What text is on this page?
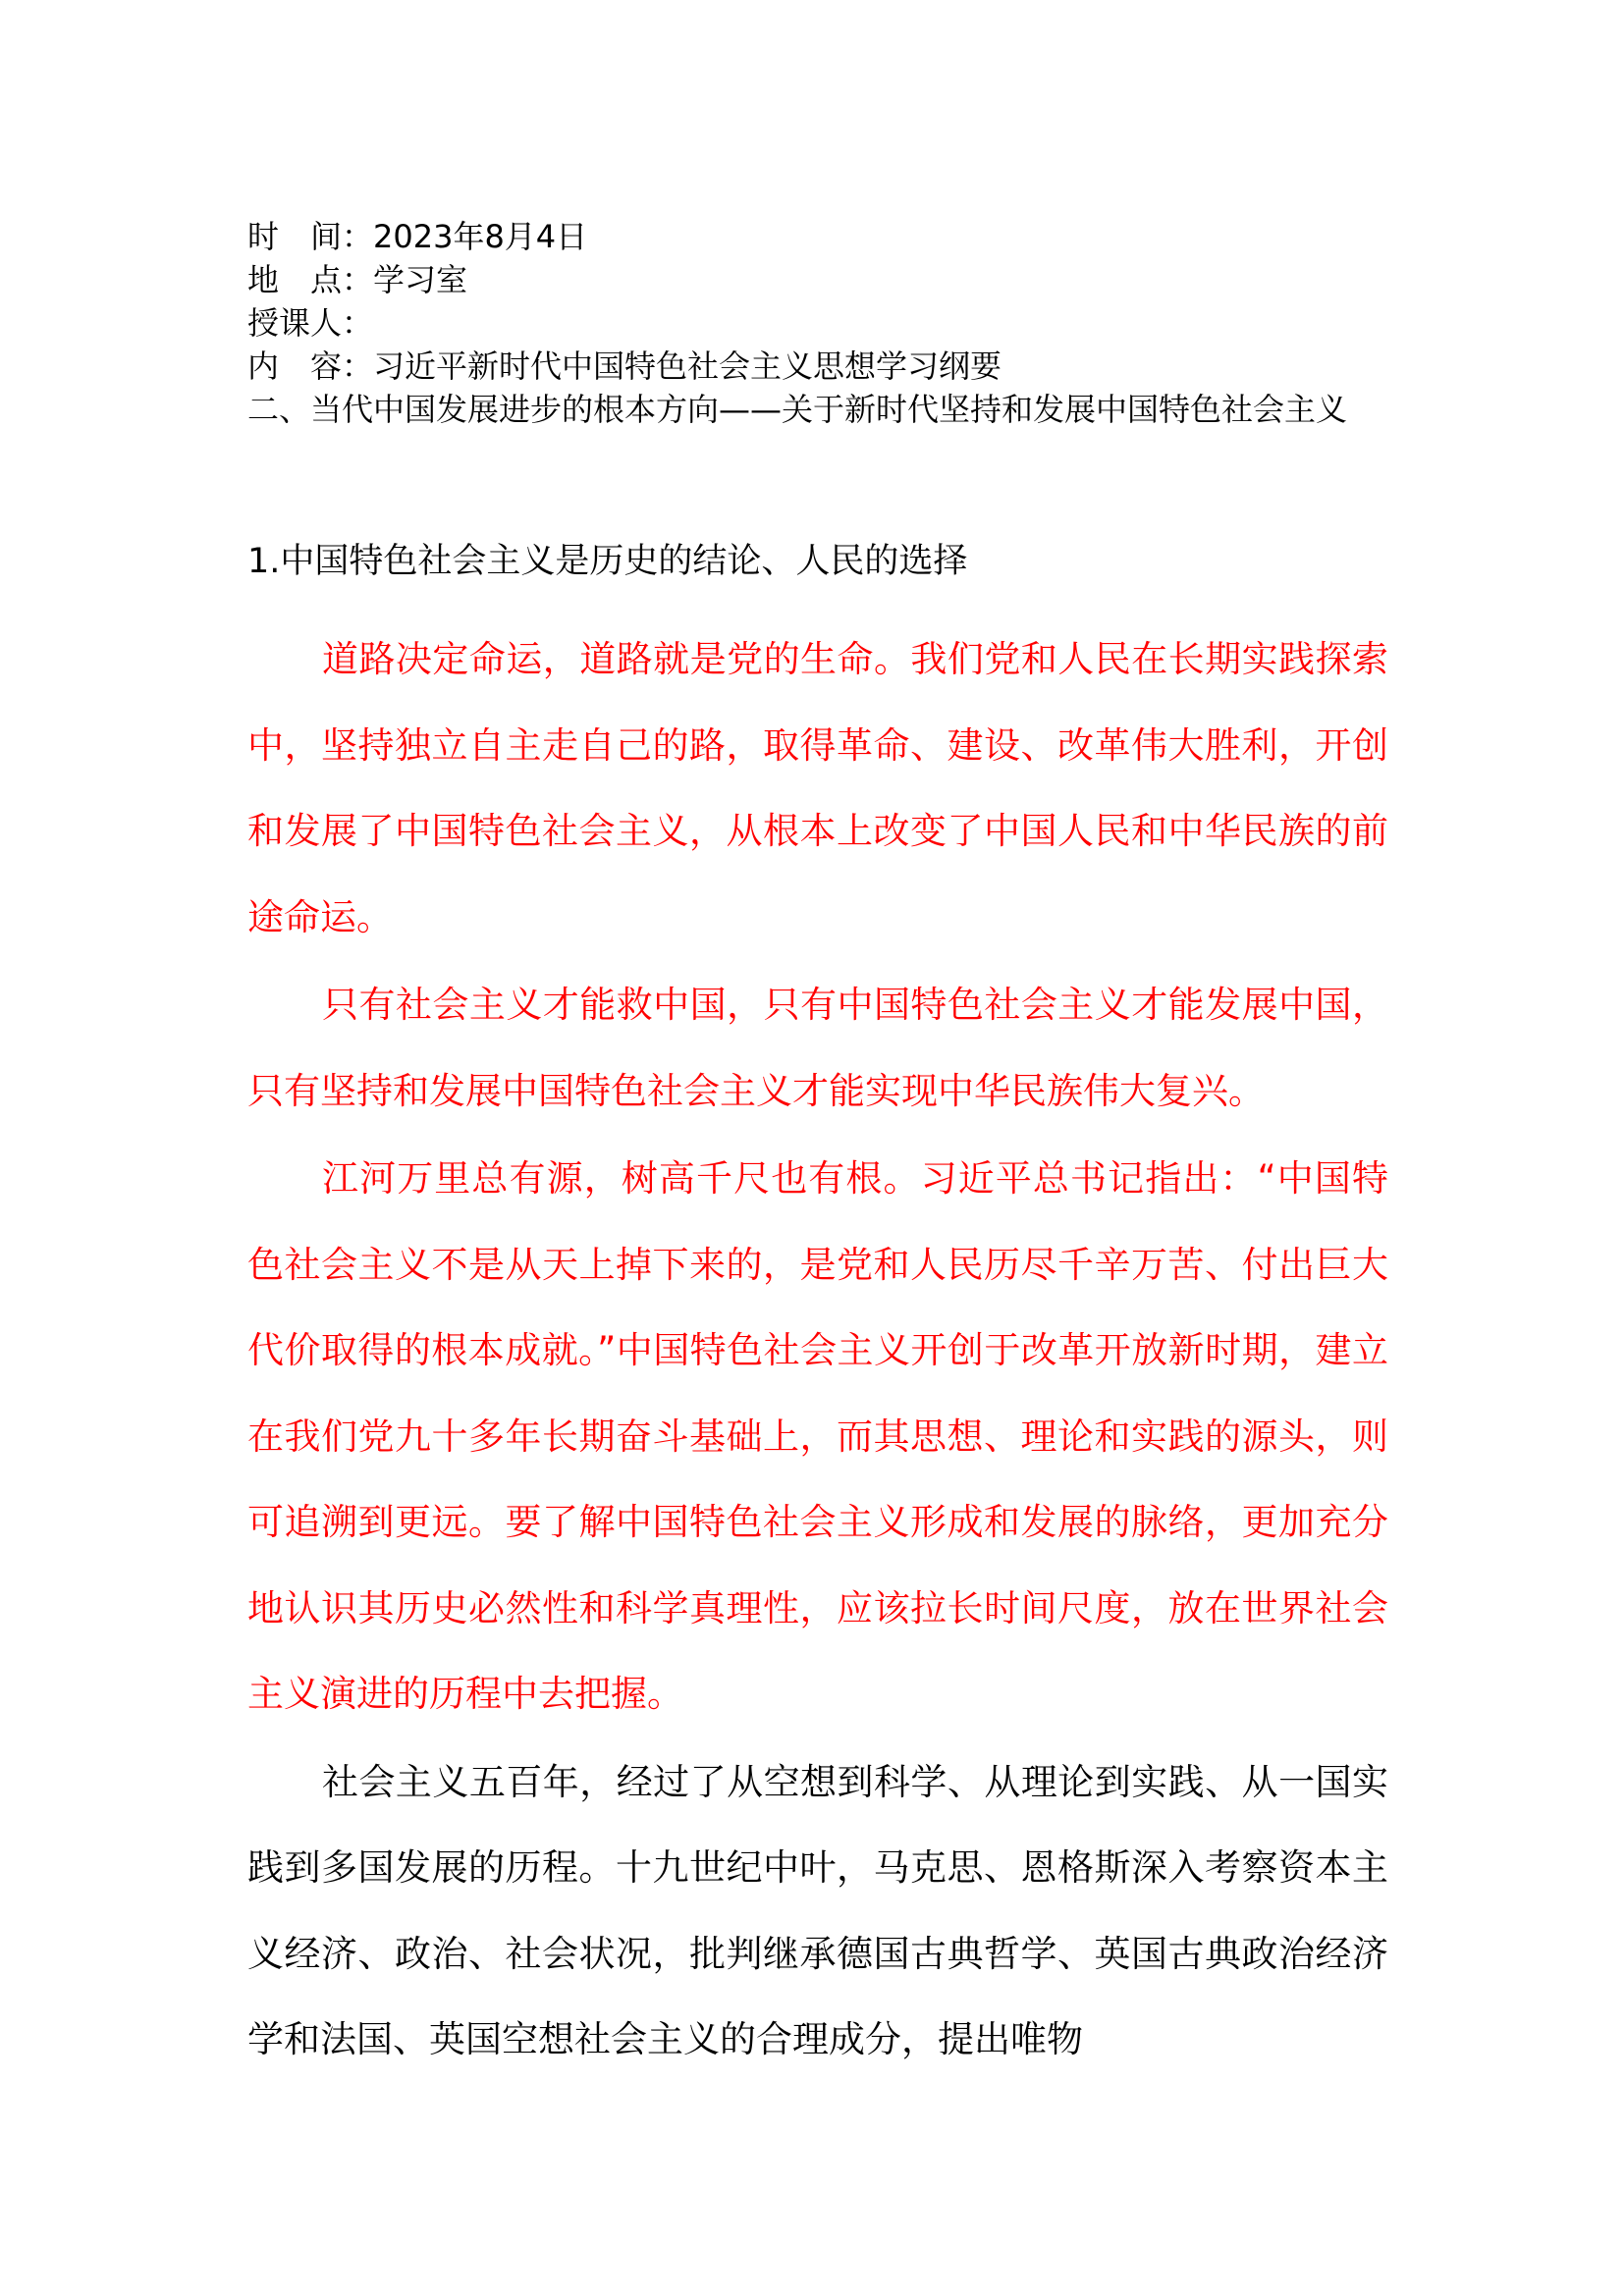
时　间：2023年8月4日

地　点：学习室

授课人：

内　容：习近平新时代中国特色社会主义思想学习纲要

二、当代中国发展进步的根本方向——关于新时代坚持和发展中国特色社会主义

1.中国特色社会主义是历史的结论、人民的选择

道路决定命运，道路就是党的生命。我们党和人民在长期实践探索中，坚持独立自主走自己的路，取得革命、建设、改革伟大胜利，开创和发展了中国特色社会主义，从根本上改变了中国人民和中华民族的前途命运。

只有社会主义才能救中国，只有中国特色社会主义才能发展中国，只有坚持和发展中国特色社会主义才能实现中华民族伟大复兴。

江河万里总有源，树高千尺也有根。习近平总书记指出：“中国特色社会主义不是从天上掉下来的，是党和人民历尽千辛万苦、付出巨大代价取得的根本成就。”中国特色社会主义开创于改革开放新时期，建立在我们党九十多年长期奋斗基础上，而其思想、理论和实践的源头，则可追溯到更远。要了解中国特色社会主义形成和发展的脉络，更加充分地认识其历史必然性和科学真理性，应该拉长时间尺度，放在世界社会主义演进的历程中去把握。

社会主义五百年，经过了从空想到科学、从理论到实践、从一国实践到多国发展的历程。十九世纪中叶，马克思、恩格斯深入考察资本主义经济、政治、社会状况，批判继承德国古典哲学、英国古典政治经济学和法国、英国空想社会主义的合理成分，提出唯物
